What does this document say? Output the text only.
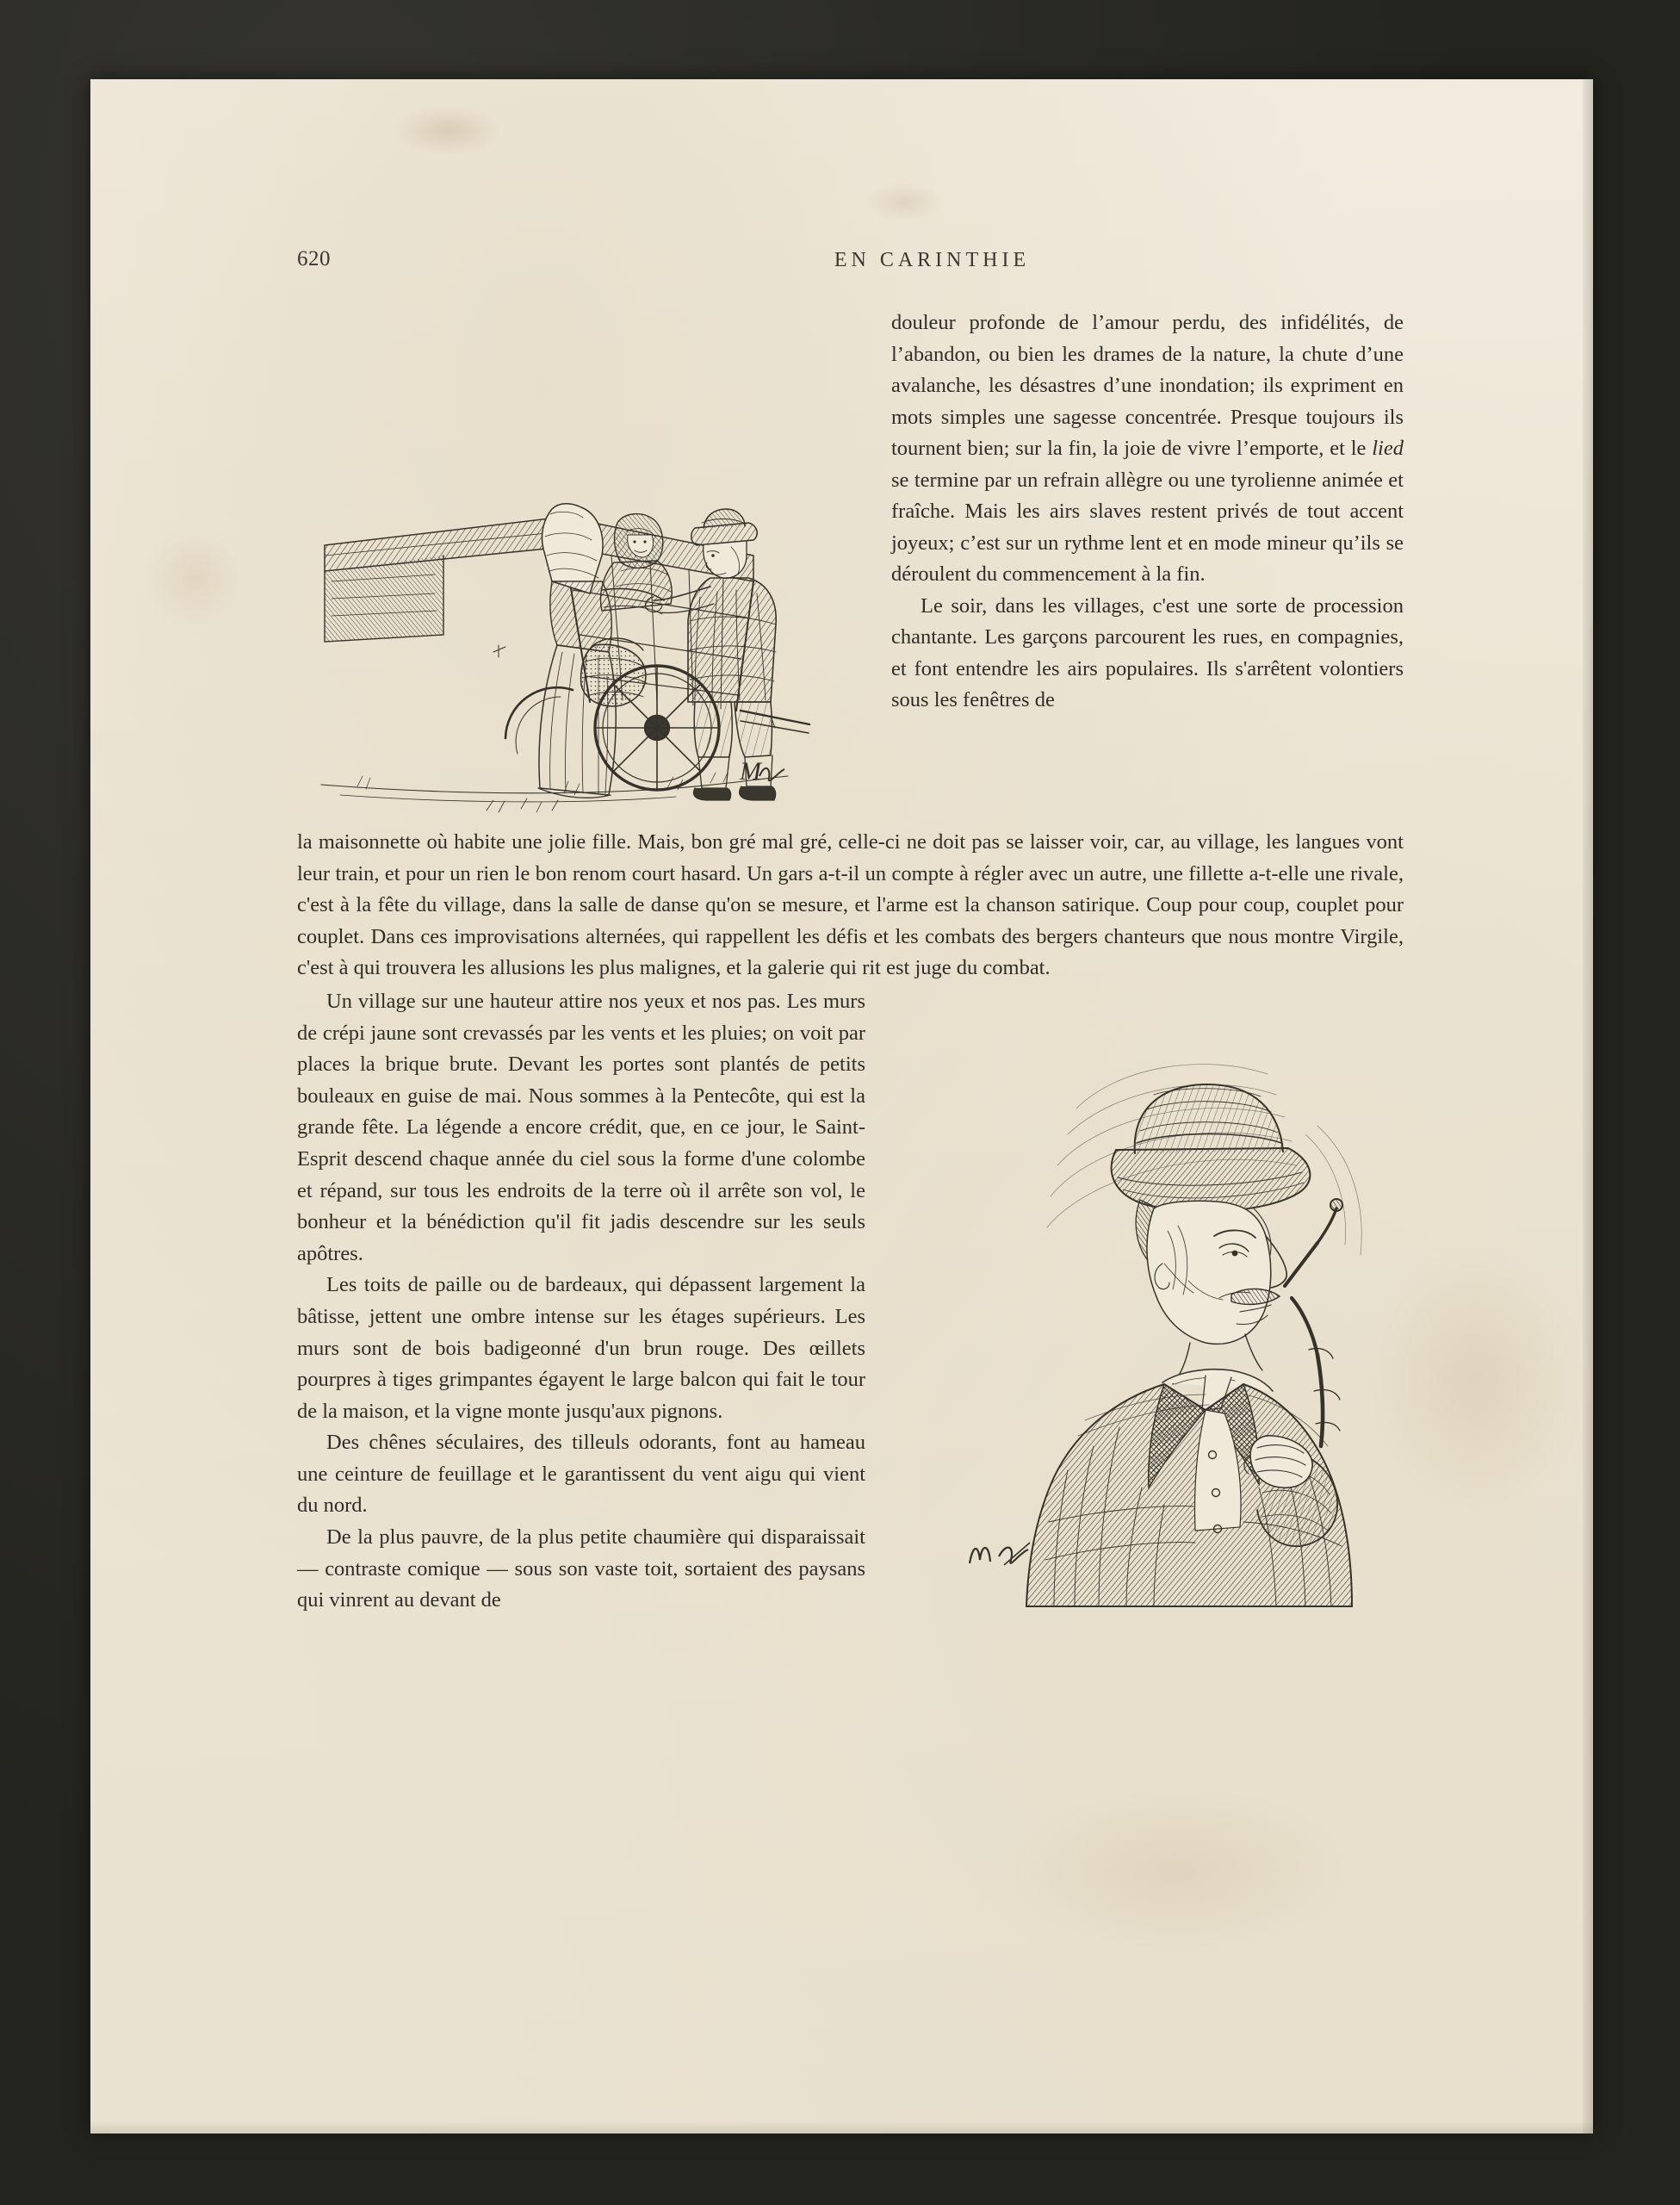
620	EN CARINTHIE
M

douleur profonde de l’amour perdu, des infidélités, de l’abandon, ou bien les drames de la nature, la chute d’une avalanche, les désastres d’une inondation; ils expriment en mots simples une sagesse concentrée. Presque toujours ils tournent bien; sur la fin, la joie de vivre l’emporte, et le lied se termine par un refrain allègre ou une tyrolienne animée et fraîche. Mais les airs slaves restent privés de tout accent joyeux; c’est sur un rythme lent et en mode mineur qu’ils se déroulent du commencement à la fin.

Le soir, dans les villages, c'est une sorte de procession chantante. Les garçons parcourent les rues, en compagnies, et font entendre les airs populaires. Ils s'arrêtent volontiers sous les fenêtres de

la maisonnette où habite une jolie fille. Mais, bon gré mal gré, celle-ci ne doit pas se laisser voir, car, au village, les langues vont leur train, et pour un rien le bon renom court hasard. Un gars a-t-il un compte à régler avec un autre, une fillette a-t-elle une rivale, c'est à la fête du village, dans la salle de danse qu'on se mesure, et l'arme est la chanson satirique. Coup pour coup, couplet pour couplet. Dans ces improvisations alternées, qui rappellent les défis et les combats des bergers chanteurs que nous montre Virgile, c'est à qui trouvera les allusions les plus malignes, et la galerie qui rit est juge du combat.

Un village sur une hauteur attire nos yeux et nos pas. Les murs de crépi jaune sont crevassés par les vents et les pluies; on voit par places la brique brute. Devant les portes sont plantés de petits bouleaux en guise de mai. Nous sommes à la Pentecôte, qui est la grande fête. La légende a encore crédit, que, en ce jour, le Saint-Esprit descend chaque année du ciel sous la forme d'une colombe et répand, sur tous les endroits de la terre où il arrête son vol, le bonheur et la bénédiction qu'il fit jadis descendre sur les seuls apôtres.

Les toits de paille ou de bardeaux, qui dépassent largement la bâtisse, jettent une ombre intense sur les étages supérieurs. Les murs sont de bois badigeonné d'un brun rouge. Des œillets pourpres à tiges grimpantes égayent le large balcon qui fait le tour de la maison, et la vigne monte jusqu'aux pignons.

Des chênes séculaires, des tilleuls odorants, font au hameau une ceinture de feuillage et le garantissent du vent aigu qui vient du nord.

De la plus pauvre, de la plus petite chaumière qui disparaissait — contraste comique — sous son vaste toit, sortaient des paysans qui vinrent au devant de
